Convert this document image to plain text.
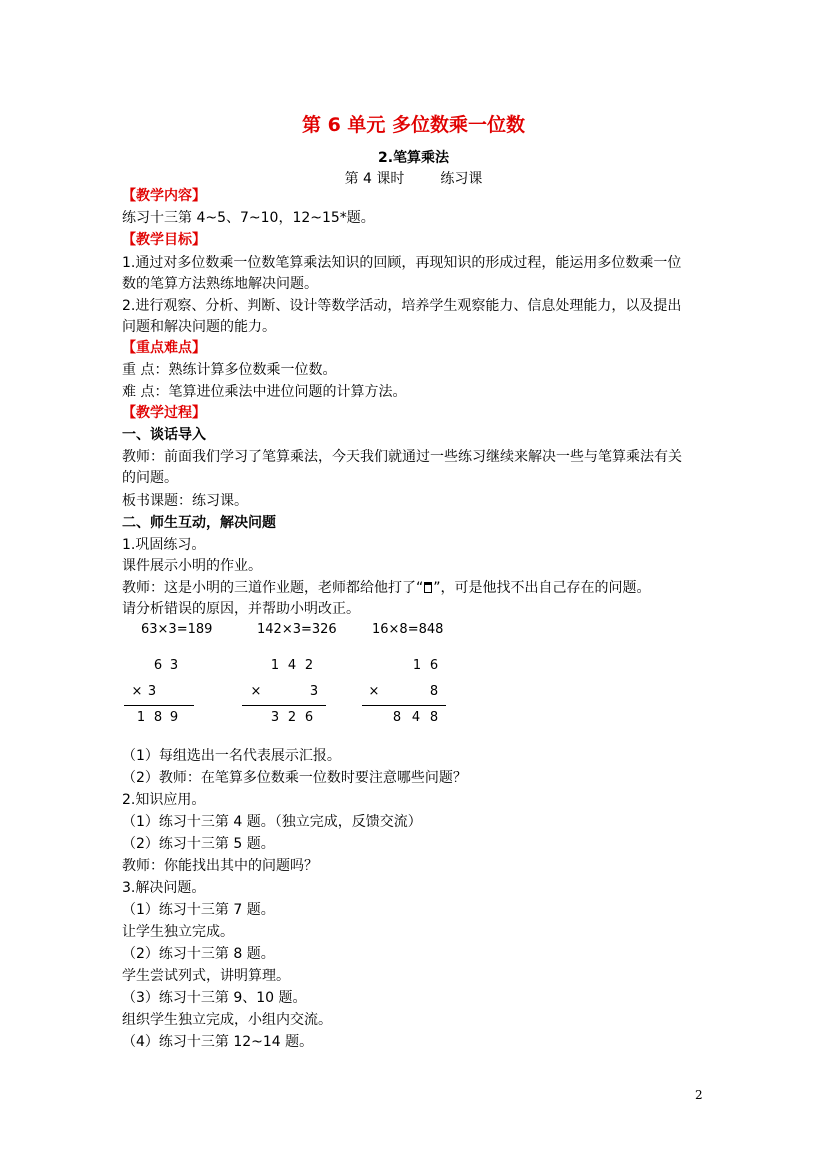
第 6 单元 多位数乘一位数
2.笔算乘法
第 4 课时	练习课
【教学内容】
练习十三第 4~5、7~10，12~15*题。
【教学目标】
1.通过对多位数乘一位数笔算乘法知识的回顾，再现知识的形成过程，能运用多位数乘一位
数的笔算方法熟练地解决问题。
2.进行观察、分析、判断、设计等数学活动，培养学生观察能力、信息处理能力，以及提出
问题和解决问题的能力。
【重点难点】
重 点：熟练计算多位数乘一位数。
难 点：笔算进位乘法中进位问题的计算方法。
【教学过程】
一、谈话导入
教师：前面我们学习了笔算乘法，今天我们就通过一些练习继续来解决一些与笔算乘法有关
的问题。
板书课题：练习课。
二、师生互动，解决问题
1.巩固练习。
课件展示小明的作业。
教师：这是小明的三道作业题，老师都给他打了“ ”，可是他找不出自己存在的问题。
请分析错误的原因，并帮助小明改正。
63×3=189	142×3=326	16×8=848
6 3
× 3
1 8 9
1 4 2
×	3
3 2 6
1 6
×	8
8 4 8
（1）每组选出一名代表展示汇报。
（2）教师：在笔算多位数乘一位数时要注意哪些问题？
2.知识应用。
（1）练习十三第 4 题。（独立完成，反馈交流）
（2）练习十三第 5 题。
教师：你能找出其中的问题吗？
3.解决问题。
（1）练习十三第 7 题。
让学生独立完成。
（2）练习十三第 8 题。
学生尝试列式，讲明算理。
（3）练习十三第 9、10 题。
组织学生独立完成，小组内交流。
（4）练习十三第 12~14 题。
2
